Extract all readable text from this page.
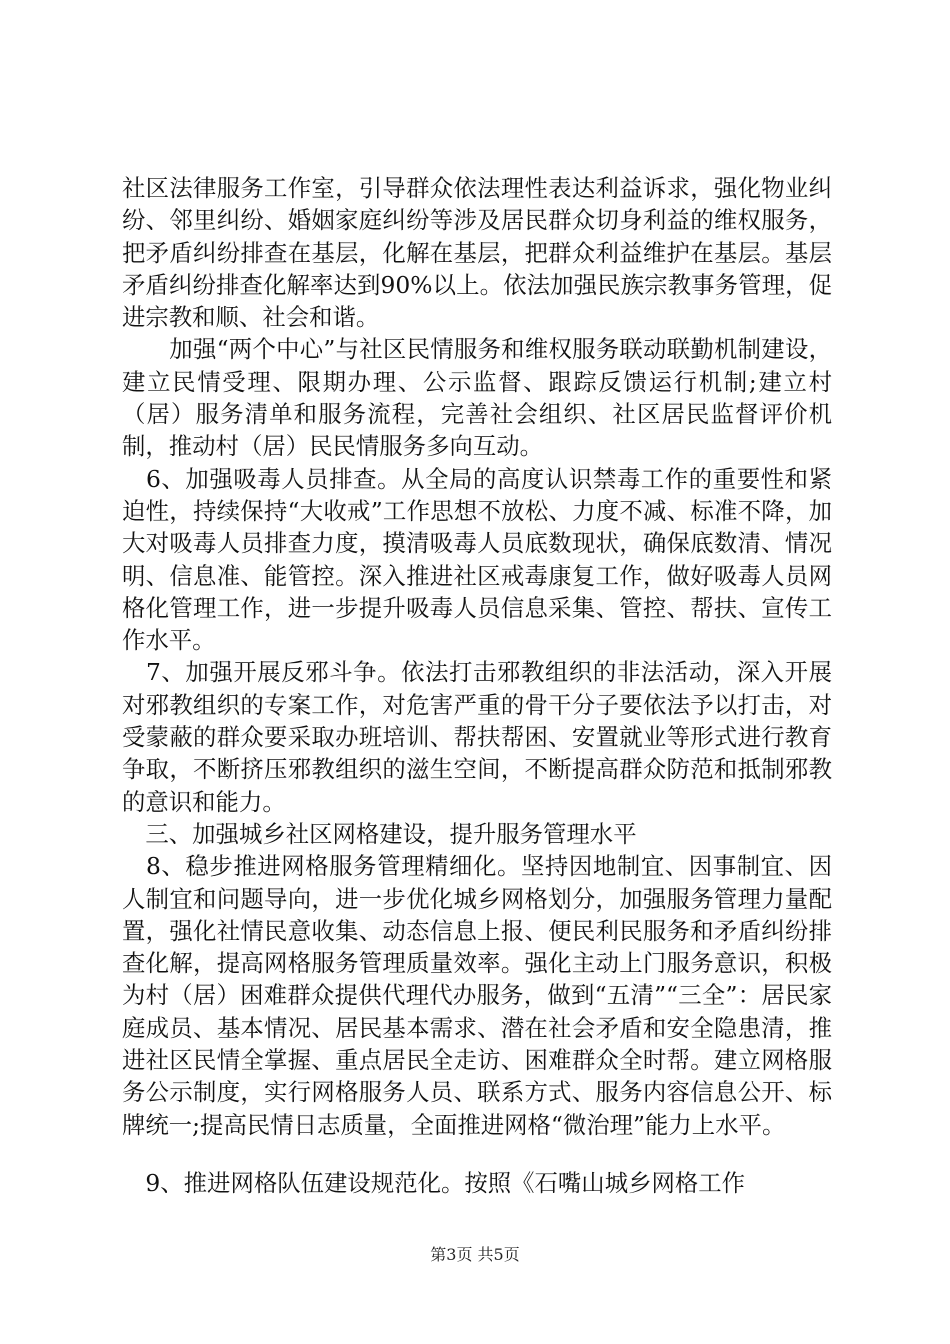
社区法律服务工作室，引导群众依法理性表达利益诉求，强化物业纠纷、邻里纠纷、婚姻家庭纠纷等涉及居民群众切身利益的维权服务，把矛盾纠纷排查在基层，化解在基层，把群众利益维护在基层。基层矛盾纠纷排查化解率达到90%以上。依法加强民族宗教事务管理，促进宗教和顺、社会和谐。

　　加强“两个中心”与社区民情服务和维权服务联动联勤机制建设，建立民情受理、限期办理、公示监督、跟踪反馈运行机制;建立村（居）服务清单和服务流程，完善社会组织、社区居民监督评价机制，推动村（居）民民情服务多向互动。

　6、加强吸毒人员排查。从全局的高度认识禁毒工作的重要性和紧迫性，持续保持“大收戒”工作思想不放松、力度不减、标准不降，加大对吸毒人员排查力度，摸清吸毒人员底数现状，确保底数清、情况明、信息准、能管控。深入推进社区戒毒康复工作，做好吸毒人员网格化管理工作，进一步提升吸毒人员信息采集、管控、帮扶、宣传工作水平。

　7、加强开展反邪斗争。依法打击邪教组织的非法活动，深入开展对邪教组织的专案工作，对危害严重的骨干分子要依法予以打击，对受蒙蔽的群众要采取办班培训、帮扶帮困、安置就业等形式进行教育争取，不断挤压邪教组织的滋生空间，不断提高群众防范和抵制邪教的意识和能力。

　三、加强城乡社区网格建设，提升服务管理水平

　8、稳步推进网格服务管理精细化。坚持因地制宜、因事制宜、因人制宜和问题导向，进一步优化城乡网格划分，加强服务管理力量配置，强化社情民意收集、动态信息上报、便民利民服务和矛盾纠纷排查化解，提高网格服务管理质量效率。强化主动上门服务意识，积极为村（居）困难群众提供代理代办服务，做到“五清”“三全”：居民家庭成员、基本情况、居民基本需求、潜在社会矛盾和安全隐患清，推进社区民情全掌握、重点居民全走访、困难群众全时帮。建立网格服务公示制度，实行网格服务人员、联系方式、服务内容信息公开、标牌统一;提高民情日志质量，全面推进网格“微治理”能力上水平。

　9、推进网格队伍建设规范化。按照《石嘴山城乡网格工作

第3页 共5页
